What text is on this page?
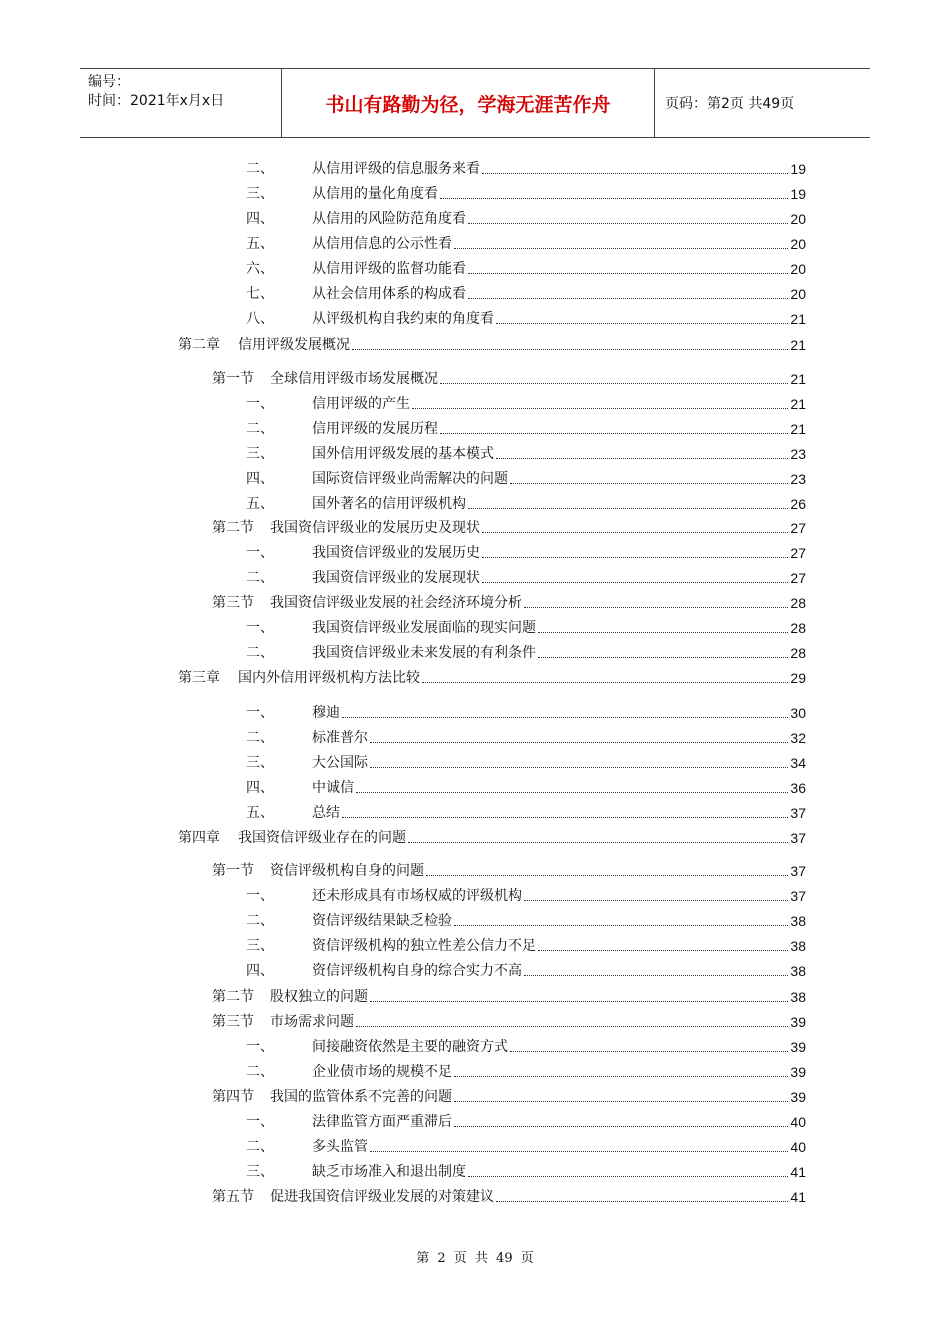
编号：
时间：2021年x月x日	书山有路勤为径，学海无涯苦作舟	页码：第2页 共49页
二、	从信用评级的信息服务来看	19
三、	从信用的量化角度看	19
四、	从信用的风险防范角度看	20
五、	从信用信息的公示性看	20
六、	从信用评级的监督功能看	20
七、	从社会信用体系的构成看	20
八、	从评级机构自我约束的角度看	21
第二章	信用评级发展概况	21
第一节	全球信用评级市场发展概况	21
一、	信用评级的产生	21
二、	信用评级的发展历程	21
三、	国外信用评级发展的基本模式	23
四、	国际资信评级业尚需解决的问题	23
五、	国外著名的信用评级机构	26
第二节	我国资信评级业的发展历史及现状	27
一、	我国资信评级业的发展历史	27
二、	我国资信评级业的发展现状	27
第三节	我国资信评级业发展的社会经济环境分析	28
一、	我国资信评级业发展面临的现实问题	28
二、	我国资信评级业未来发展的有利条件	28
第三章	国内外信用评级机构方法比较	29
一、	穆迪	30
二、	标准普尔	32
三、	大公国际	34
四、	中诚信	36
五、	总结	37
第四章	我国资信评级业存在的问题	37
第一节	资信评级机构自身的问题	37
一、	还未形成具有市场权威的评级机构	37
二、	资信评级结果缺乏检验	38
三、	资信评级机构的独立性差公信力不足	38
四、	资信评级机构自身的综合实力不高	38
第二节	股权独立的问题	38
第三节	市场需求问题	39
一、	间接融资依然是主要的融资方式	39
二、	企业债市场的规模不足	39
第四节	我国的监管体系不完善的问题	39
一、	法律监管方面严重滞后	40
二、	多头监管	40
三、	缺乏市场准入和退出制度	41
第五节	促进我国资信评级业发展的对策建议	41
第 2 页 共 49 页
